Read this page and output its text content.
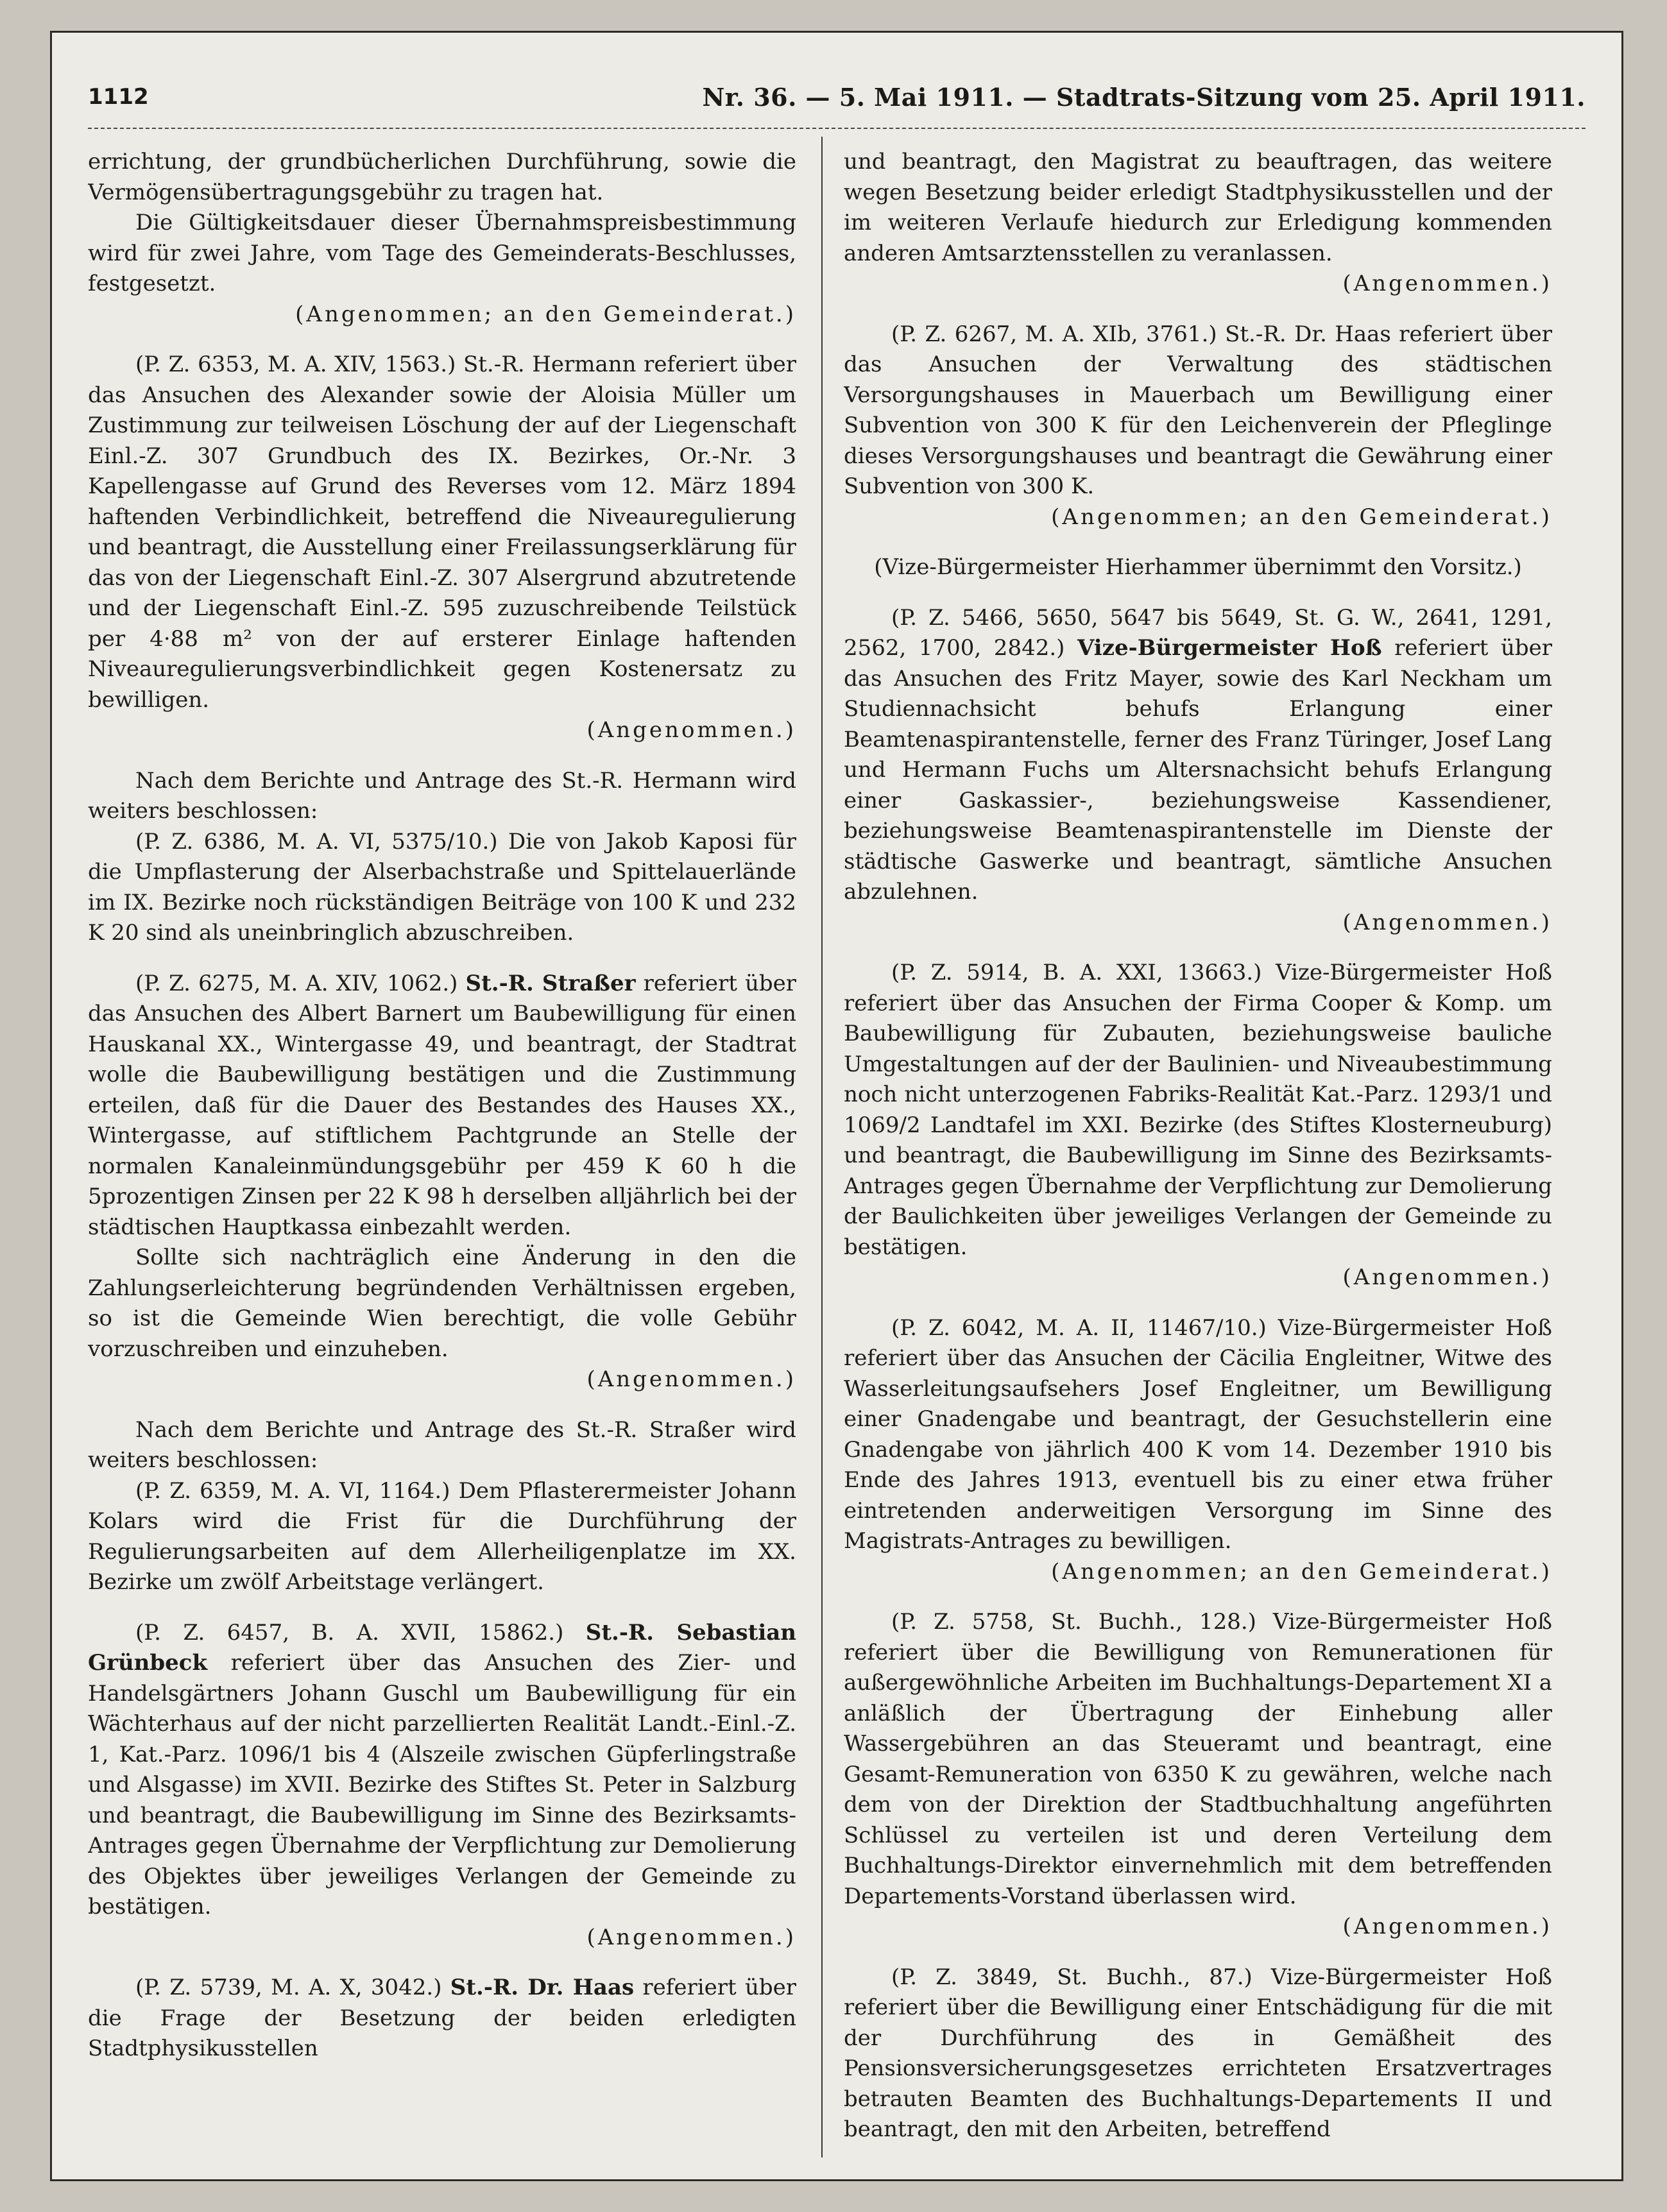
1112	Nr. 36. — 5. Mai 1911. — Stadtrats-Sitzung vom 25. April 1911.

errichtung, der grundbücherlichen Durchführung, sowie die Vermögensübertragungsgebühr zu tragen hat.

Die Gültigkeitsdauer dieser Übernahmspreisbestimmung wird für zwei Jahre, vom Tage des Gemeinderats-Beschlusses, festgesetzt.

(Angenommen; an den Gemeinderat.)

(P. Z. 6353, M. A. XIV, 1563.) St.-R. Hermann referiert über das Ansuchen des Alexander sowie der Aloisia Müller um Zustimmung zur teilweisen Löschung der auf der Liegenschaft Einl.-Z. 307 Grundbuch des IX. Bezirkes, Or.-Nr. 3 Kapellengasse auf Grund des Reverses vom 12. März 1894 haftenden Verbindlichkeit, betreffend die Niveauregulierung und beantragt, die Ausstellung einer Freilassungserklärung für das von der Liegenschaft Einl.-Z. 307 Alsergrund abzutretende und der Liegenschaft Einl.-Z. 595 zuzuschreibende Teilstück per 4·88 m² von der auf ersterer Einlage haftenden Niveauregulierungsverbindlichkeit gegen Kostenersatz zu bewilligen.

(Angenommen.)

Nach dem Berichte und Antrage des St.-R. Hermann wird weiters beschlossen:

(P. Z. 6386, M. A. VI, 5375/10.) Die von Jakob Kaposi für die Umpflasterung der Alserbachstraße und Spittelauerlände im IX. Bezirke noch rückständigen Beiträge von 100 K und 232 K 20 sind als uneinbringlich abzuschreiben.

(P. Z. 6275, M. A. XIV, 1062.) St.-R. Straßer referiert über das Ansuchen des Albert Barnert um Baubewilligung für einen Hauskanal XX., Wintergasse 49, und beantragt, der Stadtrat wolle die Baubewilligung bestätigen und die Zustimmung erteilen, daß für die Dauer des Bestandes des Hauses XX., Wintergasse, auf stiftlichem Pachtgrunde an Stelle der normalen Kanaleinmündungsgebühr per 459 K 60 h die 5prozentigen Zinsen per 22 K 98 h derselben alljährlich bei der städtischen Hauptkassa einbezahlt werden.

Sollte sich nachträglich eine Änderung in den die Zahlungserleichterung begründenden Verhältnissen ergeben, so ist die Gemeinde Wien berechtigt, die volle Gebühr vorzuschreiben und einzuheben.

(Angenommen.)

Nach dem Berichte und Antrage des St.-R. Straßer wird weiters beschlossen:

(P. Z. 6359, M. A. VI, 1164.) Dem Pflasterermeister Johann Kolars wird die Frist für die Durchführung der Regulierungsarbeiten auf dem Allerheiligenplatze im XX. Bezirke um zwölf Arbeitstage verlängert.

(P. Z. 6457, B. A. XVII, 15862.) St.-R. Sebastian Grünbeck referiert über das Ansuchen des Zier- und Handelsgärtners Johann Guschl um Baubewilligung für ein Wächterhaus auf der nicht parzellierten Realität Landt.-Einl.-Z. 1, Kat.-Parz. 1096/1 bis 4 (Alszeile zwischen Güpferlingstraße und Alsgasse) im XVII. Bezirke des Stiftes St. Peter in Salzburg und beantragt, die Baubewilligung im Sinne des Bezirksamts-Antrages gegen Übernahme der Verpflichtung zur Demolierung des Objektes über jeweiliges Verlangen der Gemeinde zu bestätigen.

(Angenommen.)

(P. Z. 5739, M. A. X, 3042.) St.-R. Dr. Haas referiert über die Frage der Besetzung der beiden erledigten Stadtphysikusstellen

und beantragt, den Magistrat zu beauftragen, das weitere wegen Besetzung beider erledigt Stadtphysikusstellen und der im weiteren Verlaufe hiedurch zur Erledigung kommenden anderen Amtsarztensstellen zu veranlassen.

(Angenommen.)

(P. Z. 6267, M. A. XIb, 3761.) St.-R. Dr. Haas referiert über das Ansuchen der Verwaltung des städtischen Versorgungshauses in Mauerbach um Bewilligung einer Subvention von 300 K für den Leichenverein der Pfleglinge dieses Versorgungshauses und beantragt die Gewährung einer Subvention von 300 K.

(Angenommen; an den Gemeinderat.)

(Vize-Bürgermeister Hierhammer übernimmt den Vorsitz.)

(P. Z. 5466, 5650, 5647 bis 5649, St. G. W., 2641, 1291, 2562, 1700, 2842.) Vize-Bürgermeister Hoß referiert über das Ansuchen des Fritz Mayer, sowie des Karl Neckham um Studiennachsicht behufs Erlangung einer Beamtenaspirantenstelle, ferner des Franz Türinger, Josef Lang und Hermann Fuchs um Altersnachsicht behufs Erlangung einer Gaskassier-, beziehungsweise Kassendiener, beziehungsweise Beamtenaspirantenstelle im Dienste der städtische Gaswerke und beantragt, sämtliche Ansuchen abzulehnen.

(Angenommen.)

(P. Z. 5914, B. A. XXI, 13663.) Vize-Bürgermeister Hoß referiert über das Ansuchen der Firma Cooper & Komp. um Baubewilligung für Zubauten, beziehungsweise bauliche Umgestaltungen auf der der Baulinien- und Niveaubestimmung noch nicht unterzogenen Fabriks-Realität Kat.-Parz. 1293/1 und 1069/2 Landtafel im XXI. Bezirke (des Stiftes Klosterneuburg) und beantragt, die Baubewilligung im Sinne des Bezirksamts-Antrages gegen Übernahme der Verpflichtung zur Demolierung der Baulichkeiten über jeweiliges Verlangen der Gemeinde zu bestätigen.

(Angenommen.)

(P. Z. 6042, M. A. II, 11467/10.) Vize-Bürgermeister Hoß referiert über das Ansuchen der Cäcilia Engleitner, Witwe des Wasserleitungsaufsehers Josef Engleitner, um Bewilligung einer Gnadengabe und beantragt, der Gesuchstellerin eine Gnadengabe von jährlich 400 K vom 14. Dezember 1910 bis Ende des Jahres 1913, eventuell bis zu einer etwa früher eintretenden anderweitigen Versorgung im Sinne des Magistrats-Antrages zu bewilligen.

(Angenommen; an den Gemeinderat.)

(P. Z. 5758, St. Buchh., 128.) Vize-Bürgermeister Hoß referiert über die Bewilligung von Remunerationen für außergewöhnliche Arbeiten im Buchhaltungs-Departement XI a anläßlich der Übertragung der Einhebung aller Wassergebühren an das Steueramt und beantragt, eine Gesamt-Remuneration von 6350 K zu gewähren, welche nach dem von der Direktion der Stadtbuchhaltung angeführten Schlüssel zu verteilen ist und deren Verteilung dem Buchhaltungs-Direktor einvernehmlich mit dem betreffenden Departements-Vorstand überlassen wird.

(Angenommen.)

(P. Z. 3849, St. Buchh., 87.) Vize-Bürgermeister Hoß referiert über die Bewilligung einer Entschädigung für die mit der Durchführung des in Gemäßheit des Pensionsversicherungsgesetzes errichteten Ersatzvertrages betrauten Beamten des Buchhaltungs-Departements II und beantragt, den mit den Arbeiten, betreffend
